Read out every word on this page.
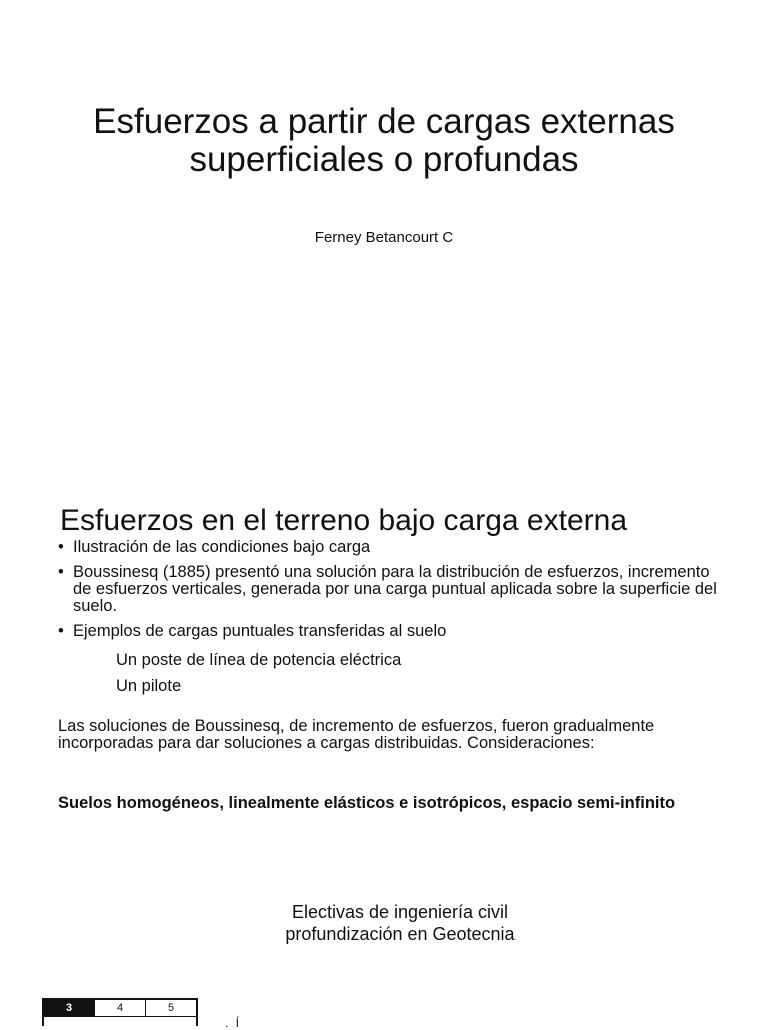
Esfuerzos a partir de cargas externas superficiales o profundas
Ferney Betancourt C
Esfuerzos en el terreno bajo carga externa
• Ilustración de las condiciones bajo carga
• Boussinesq (1885) presentó una solución para la distribución de esfuerzos, incremento de esfuerzos verticales, generada por una carga puntual aplicada sobre la superficie del suelo.
• Ejemplos de cargas puntuales transferidas al suelo
Un poste de línea de potencia eléctrica
Un pilote

Las soluciones de Boussinesq, de incremento de esfuerzos, fueron gradualmente incorporadas para dar soluciones a cargas distribuidas. Consideraciones:

Suelos homogéneos, linealmente elásticos e isotrópicos, espacio semi-infinito

Electivas de ingeniería civil
profundización en Geotecnia
3	4	5
. Í
